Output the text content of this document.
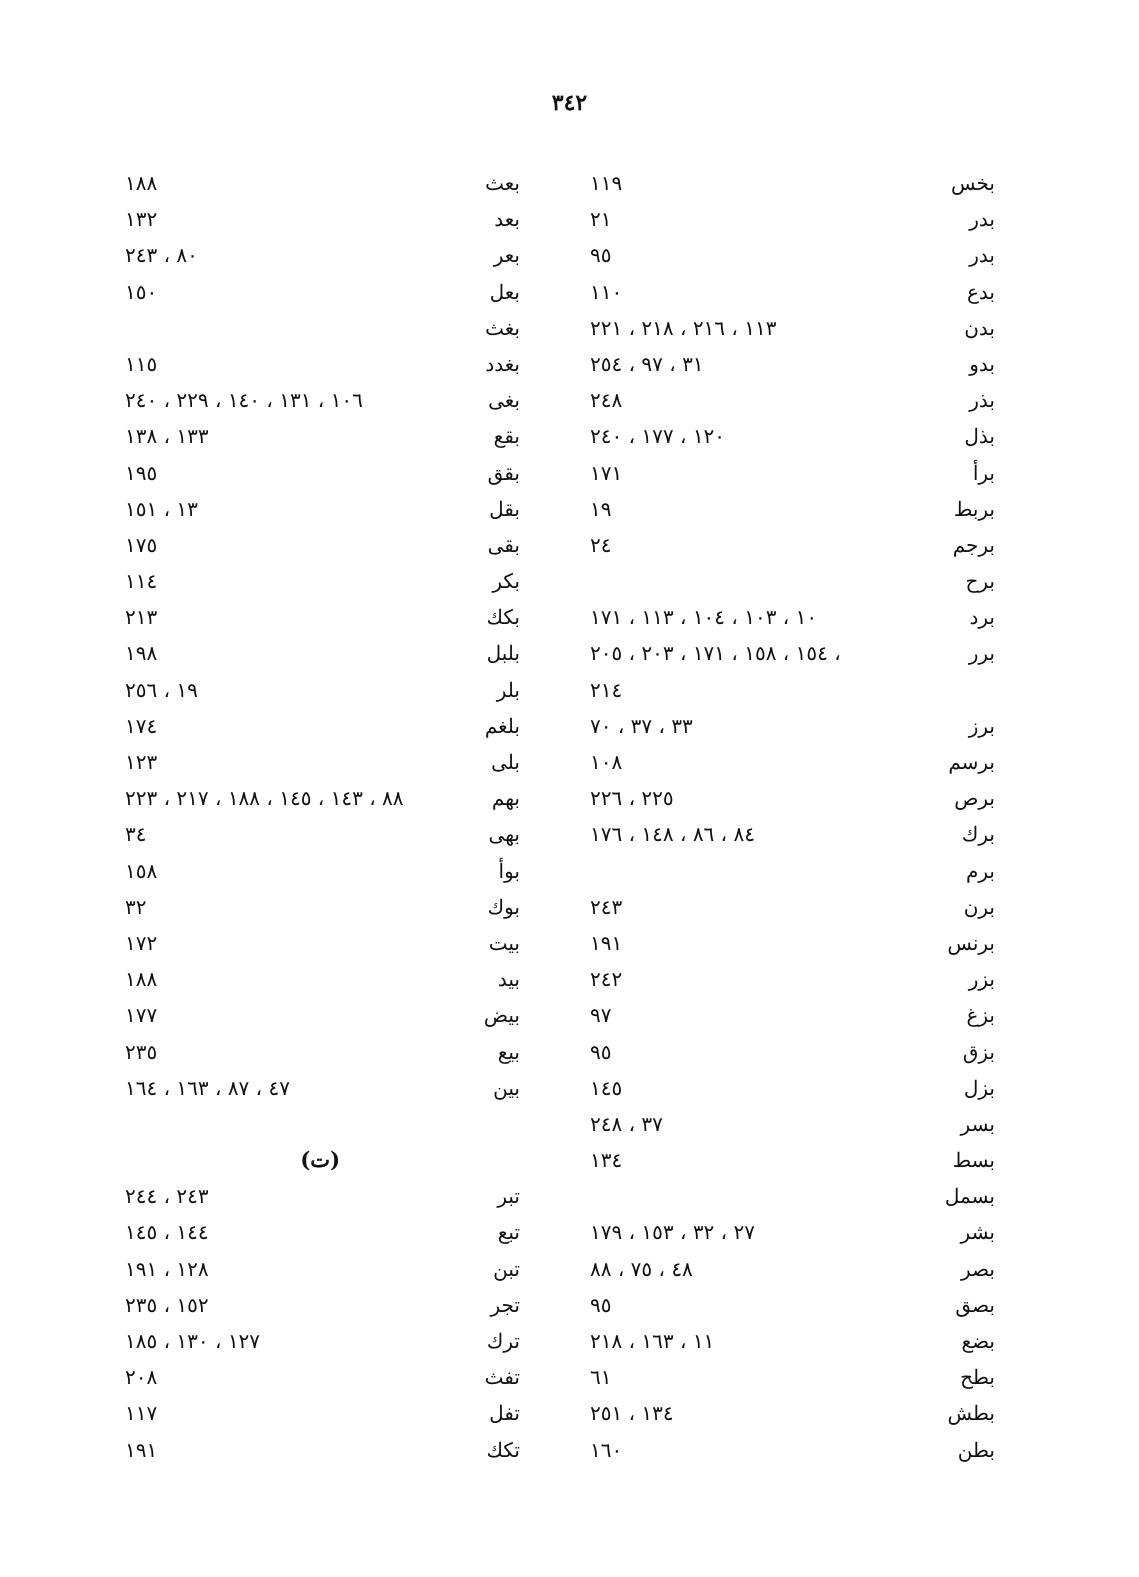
٣٤٢
بخس
١١٩
بدر
٢١
بدر
٩٥
بدع
١١٠
بدن
١١٣ ، ٢١٦ ، ٢١٨ ، ٢٢١
بدو
٣١ ، ٩٧ ، ٢٥٤
بذر
٢٤٨
بذل
١٢٠ ، ١٧٧ ، ٢٤٠
برأ
١٧١
بربط
١٩
برجم
٢٤
برح
برد
١٠ ، ١٠٣ ، ١٠٤ ، ١١٣ ، ١٧١
برر
١٥٤ ، ١٥٨ ، ١٧١ ، ٢٠٣ ، ٢٠٥ ،
٢١٤
برز
٣٣ ، ٣٧ ، ٧٠
برسم
١٠٨
برص
٢٢٥ ، ٢٢٦
برك
٨٤ ، ٨٦ ، ١٤٨ ، ١٧٦
برم
برن
٢٤٣
برنس
١٩١
بزر
٢٤٢
بزغ
٩٧
بزق
٩٥
بزل
١٤٥
بسر
٣٧ ، ٢٤٨
بسط
١٣٤
بسمل
بشر
٢٧ ، ٣٢ ، ١٥٣ ، ١٧٩
بصر
٤٨ ، ٧٥ ، ٨٨
بصق
٩٥
بضع
١١ ، ١٦٣ ، ٢١٨
بطح
٦١
بطش
١٣٤ ، ٢٥١
بطن
١٦٠
بعث
١٨٨
بعد
١٣٢
بعر
٨٠ ، ٢٤٣
بعل
١٥٠
بغث
بغدد
١١٥
بغى
١٠٦ ، ١٣١ ، ١٤٠ ، ٢٢٩ ، ٢٤٠
بقع
١٣٣ ، ١٣٨
بقق
١٩٥
بقل
١٣ ، ١٥١
بقى
١٧٥
بكر
١١٤
بكك
٢١٣
بلبل
١٩٨
بلر
١٩ ، ٢٥٦
بلغم
١٧٤
بلى
١٢٣
بهم
٨٨ ، ١٤٣ ، ١٤٥ ، ١٨٨ ، ٢١٧ ، ٢٢٣
بهى
٣٤
بوأ
١٥٨
بوك
٣٢
بيت
١٧٢
بيد
١٨٨
بيض
١٧٧
بيع
٢٣٥
بين
٤٧ ، ٨٧ ، ١٦٣ ، ١٦٤
(ت)
تبر
٢٤٣ ، ٢٤٤
تبع
١٤٤ ، ١٤٥
تبن
١٢٨ ، ١٩١
تجر
١٥٢ ، ٢٣٥
ترك
١٢٧ ، ١٣٠ ، ١٨٥
تفث
٢٠٨
تفل
١١٧
تكك
١٩١
